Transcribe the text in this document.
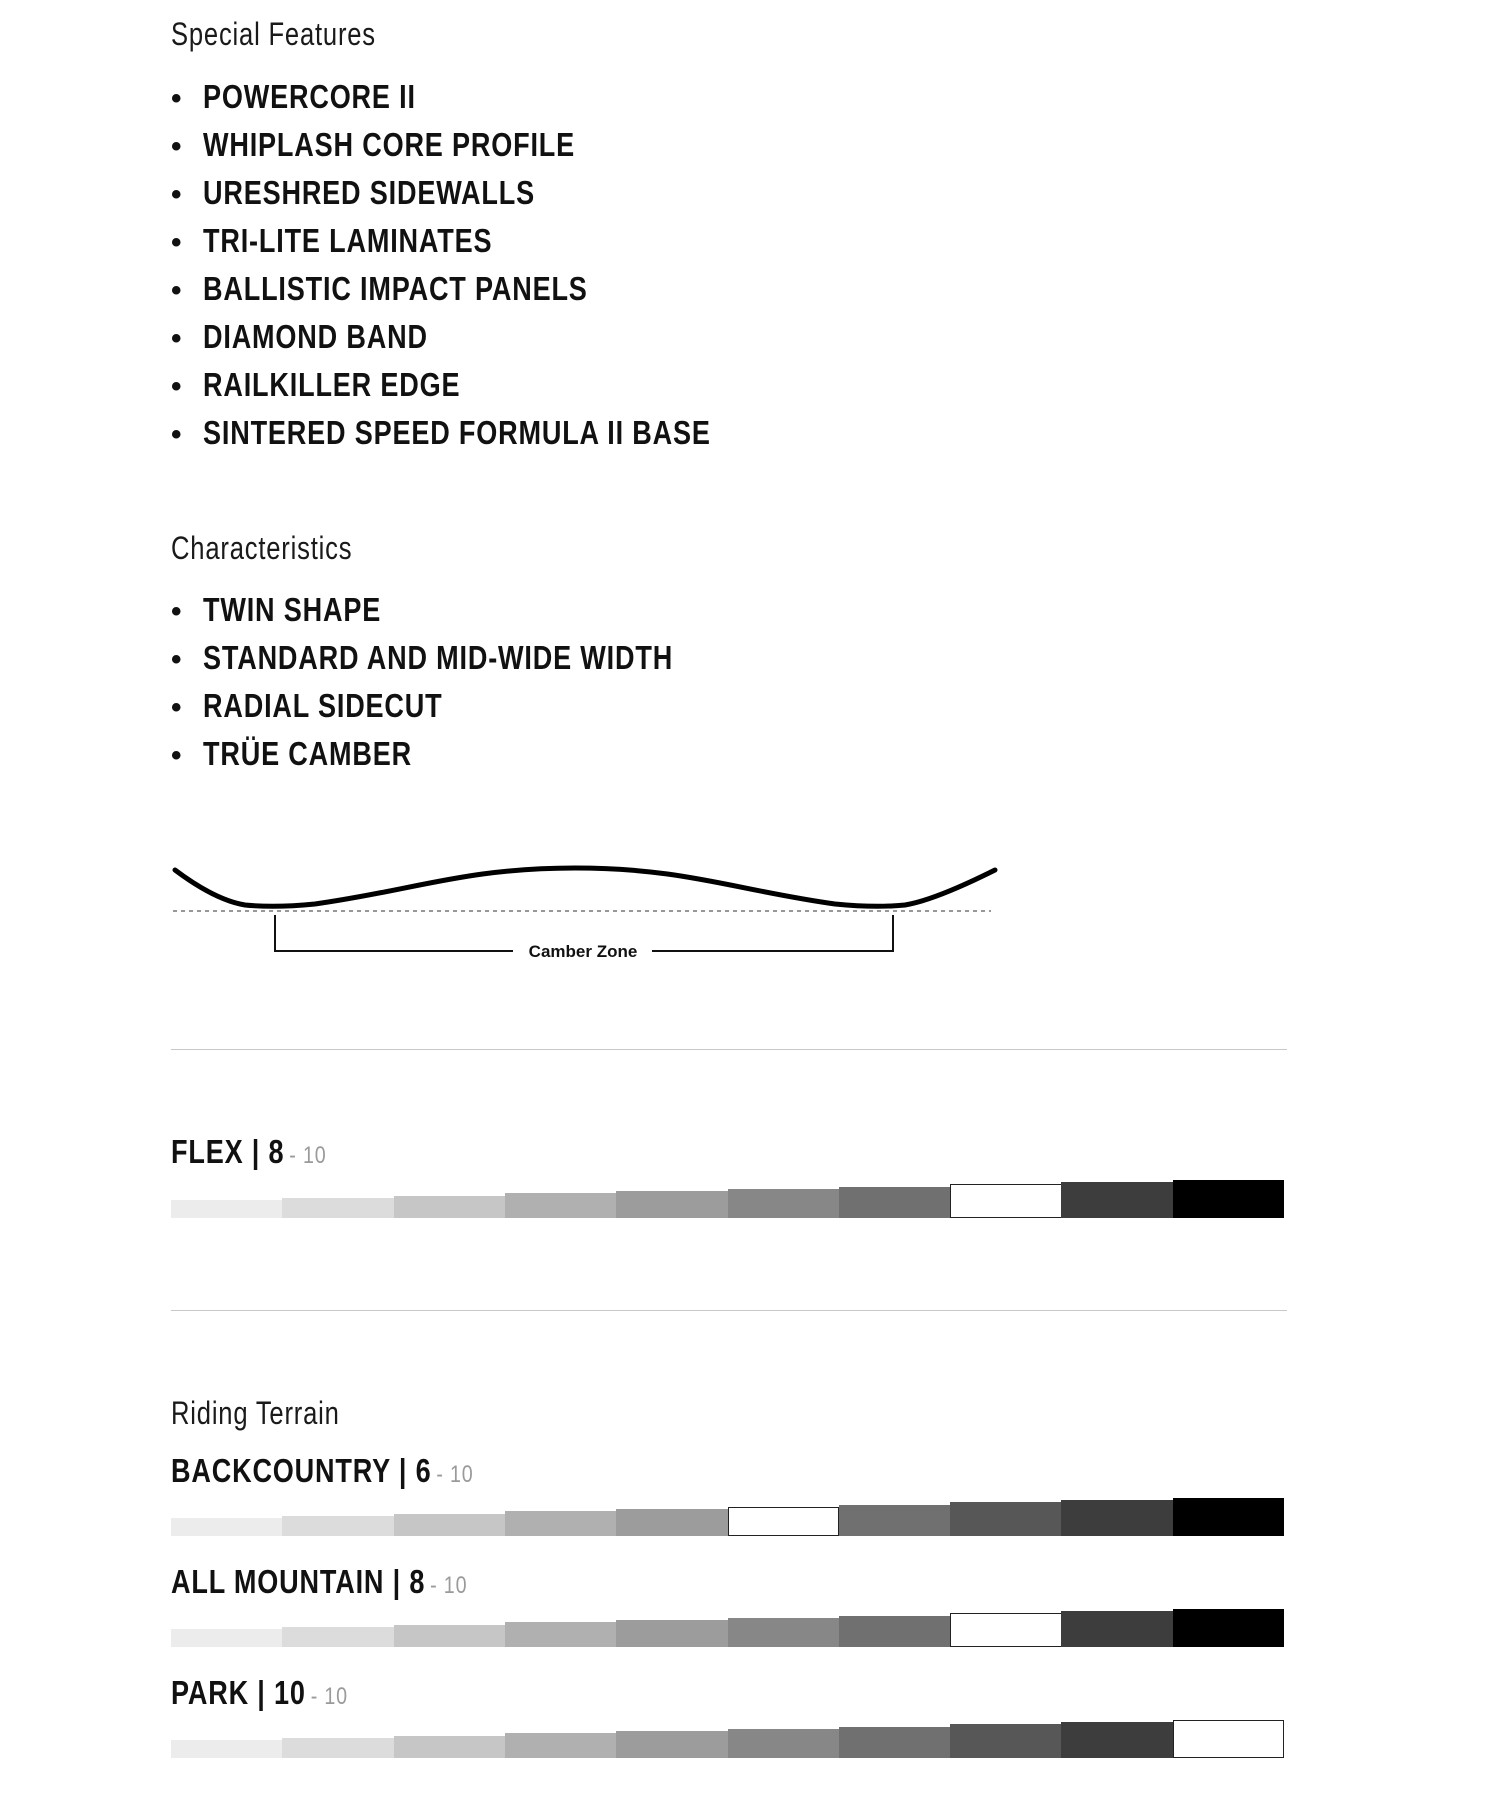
Special Features
• POWERCORE II
• WHIPLASH CORE PROFILE
• URESHRED SIDEWALLS
• TRI-LITE LAMINATES
• BALLISTIC IMPACT PANELS
• DIAMOND BAND
• RAILKILLER EDGE
• SINTERED SPEED FORMULA II BASE
Characteristics
• TWIN SHAPE
• STANDARD AND MID-WIDE WIDTH
• RADIAL SIDECUT
• TRÜE CAMBER
Camber Zone
FLEX | 8 - 10
Riding Terrain
BACKCOUNTRY | 6 - 10
ALL MOUNTAIN | 8 - 10
PARK | 10 - 10
